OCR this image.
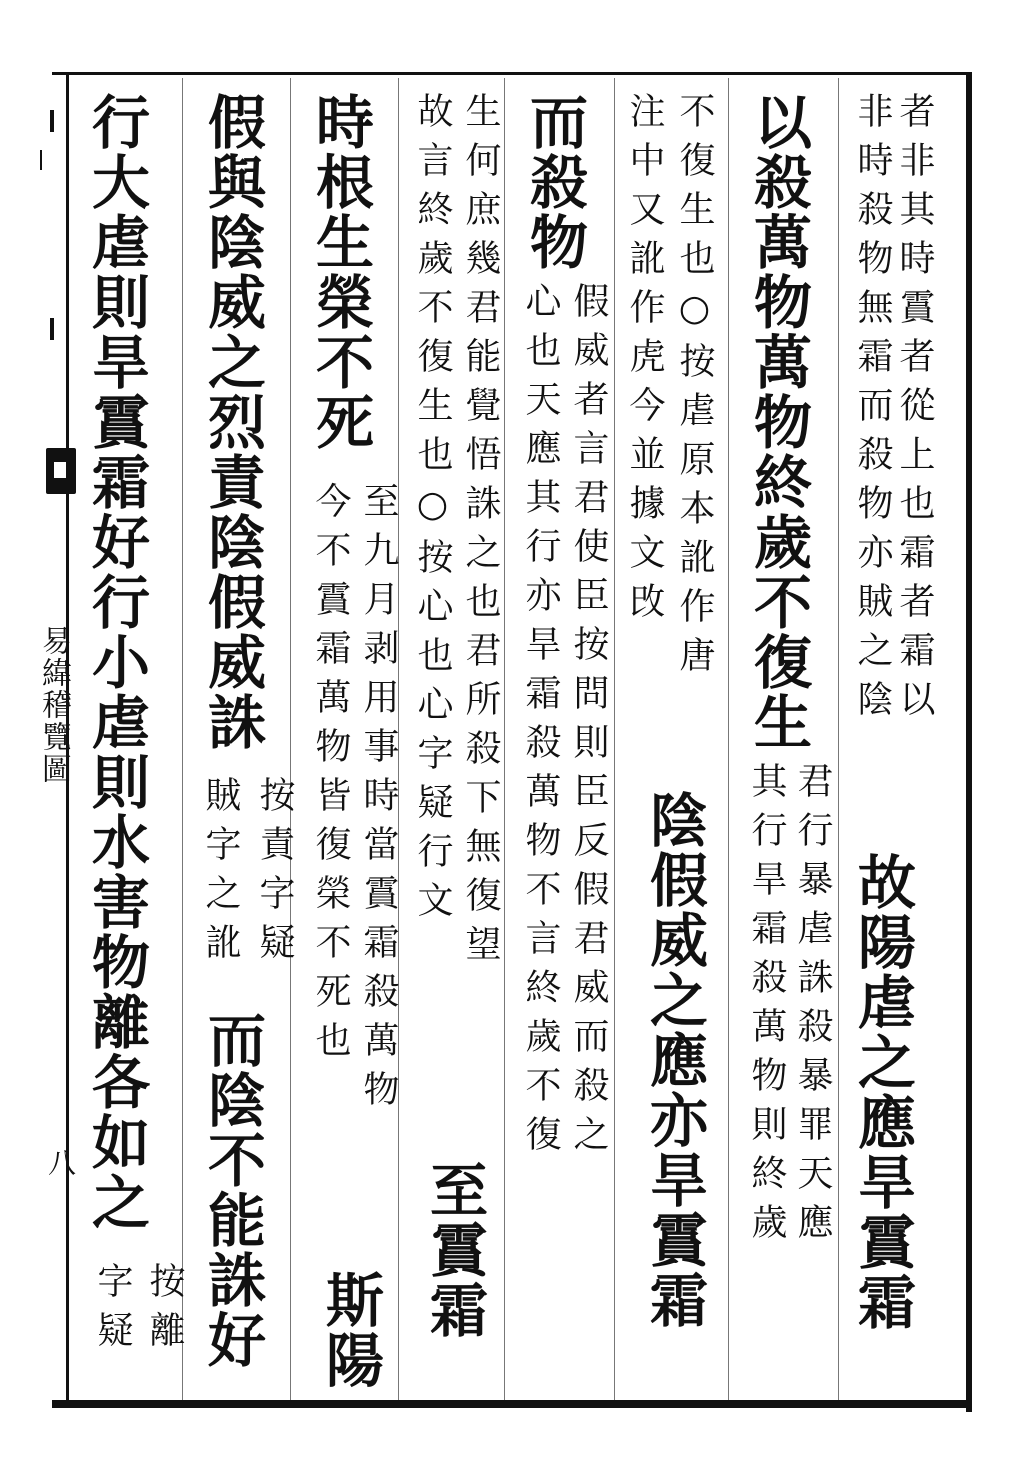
易緯稽覽圖
八
者非其時霣者從上也霜者霜以
非時殺物無霜而殺物亦賊之陰
故陽虐之應旱霣霜
以殺萬物萬物終歲不復生
君行暴虐誅殺暴罪天應
其行旱霜殺萬物則終歲
不復生也○按虐原本訛作唐
注中又訛作虎今並據文攺
陰假威之應亦旱霣霜
而殺物
假威者言君使臣按問則臣反假君威而殺之
心也天應其行亦旱霜殺萬物不言終歲不復
生何庶幾君能覺悟誅之也君所殺下無復望
故言終歲不復生也○按心也心字疑行文
至霣霜
時根生榮不死
至九月剥用事時當霣霜殺萬物
今不霣霜萬物皆復榮不死也
斯陽
假與陰威之烈責陰假威誅
按責字疑
賊字之訛
而陰不能誅好
行大虐則旱霣霜好行小虐則水害物離各如之
按離
字疑
